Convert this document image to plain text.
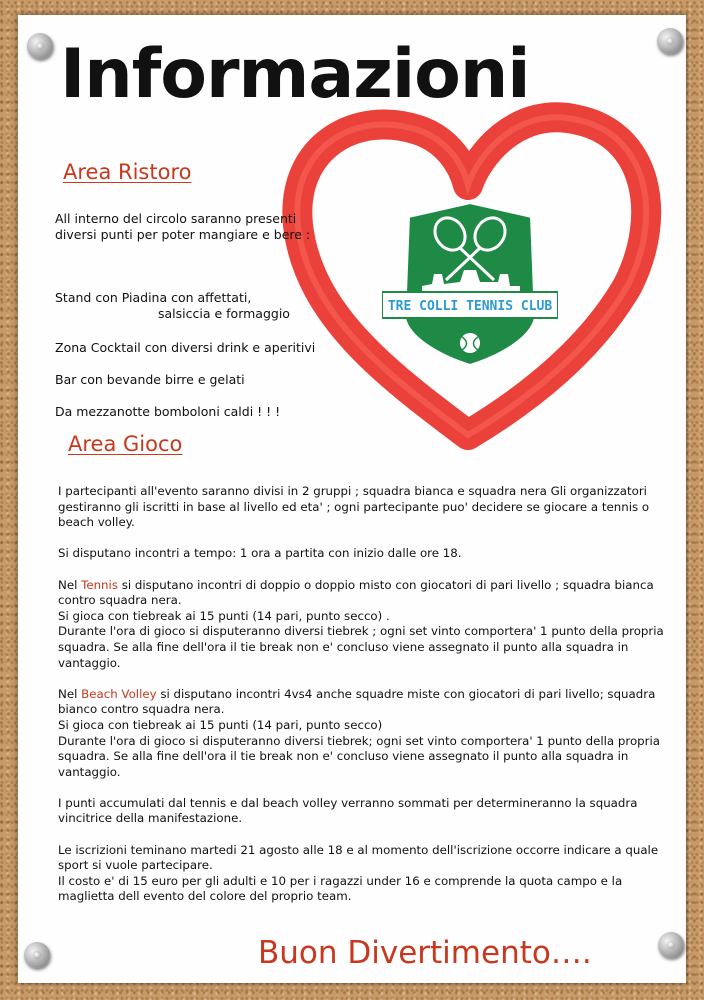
TRE COLLI TENNIS CLUB
Informazioni
Area Ristoro

All interno del circolo saranno presenti diversi punti per poter mangiare e bere :

Stand con Piadina con affettati,

salsiccia e formaggio

Zona Cocktail con diversi drink e aperitivi

Bar con bevande birre e gelati

Da mezzanotte bomboloni caldi ! ! !

Area Gioco

I partecipanti all'evento saranno divisi in 2 gruppi ; squadra bianca e squadra nera Gli organizzatori gestiranno gli iscritti in base al livello ed eta' ; ogni partecipante puo' decidere se giocare a tennis o beach volley.

Si disputano incontri a tempo: 1 ora a partita con inizio dalle ore 18.

Nel Tennis si disputano incontri di doppio o doppio misto con giocatori di pari livello ; squadra bianca contro squadra nera.
Si gioca con tiebreak ai 15 punti (14 pari, punto secco) .
Durante l'ora di gioco si disputeranno diversi tiebrek ; ogni set vinto comportera' 1 punto della propria squadra. Se alla fine dell'ora il tie break non e' concluso viene assegnato il punto alla squadra in vantaggio.

Nel Beach Volley si disputano incontri 4vs4 anche squadre miste con giocatori di pari livello; squadra bianco contro squadra nera.
Si gioca con tiebreak ai 15 punti (14 pari, punto secco)
Durante l'ora di gioco si disputeranno diversi tiebrek; ogni set vinto comportera' 1 punto della propria squadra. Se alla fine dell'ora il tie break non e' concluso viene assegnato il punto alla squadra in vantaggio.

I punti accumulati dal tennis e dal beach volley verranno sommati per determineranno la squadra vincitrice della manifestazione.

Le iscrizioni teminano martedi 21 agosto alle 18 e al momento dell'iscrizione occorre indicare a quale sport si vuole partecipare.
Il costo e' di 15 euro per gli adulti e 10 per i ragazzi under 16 e comprende la quota campo e la maglietta dell evento del colore del proprio team.

Buon Divertimento….
